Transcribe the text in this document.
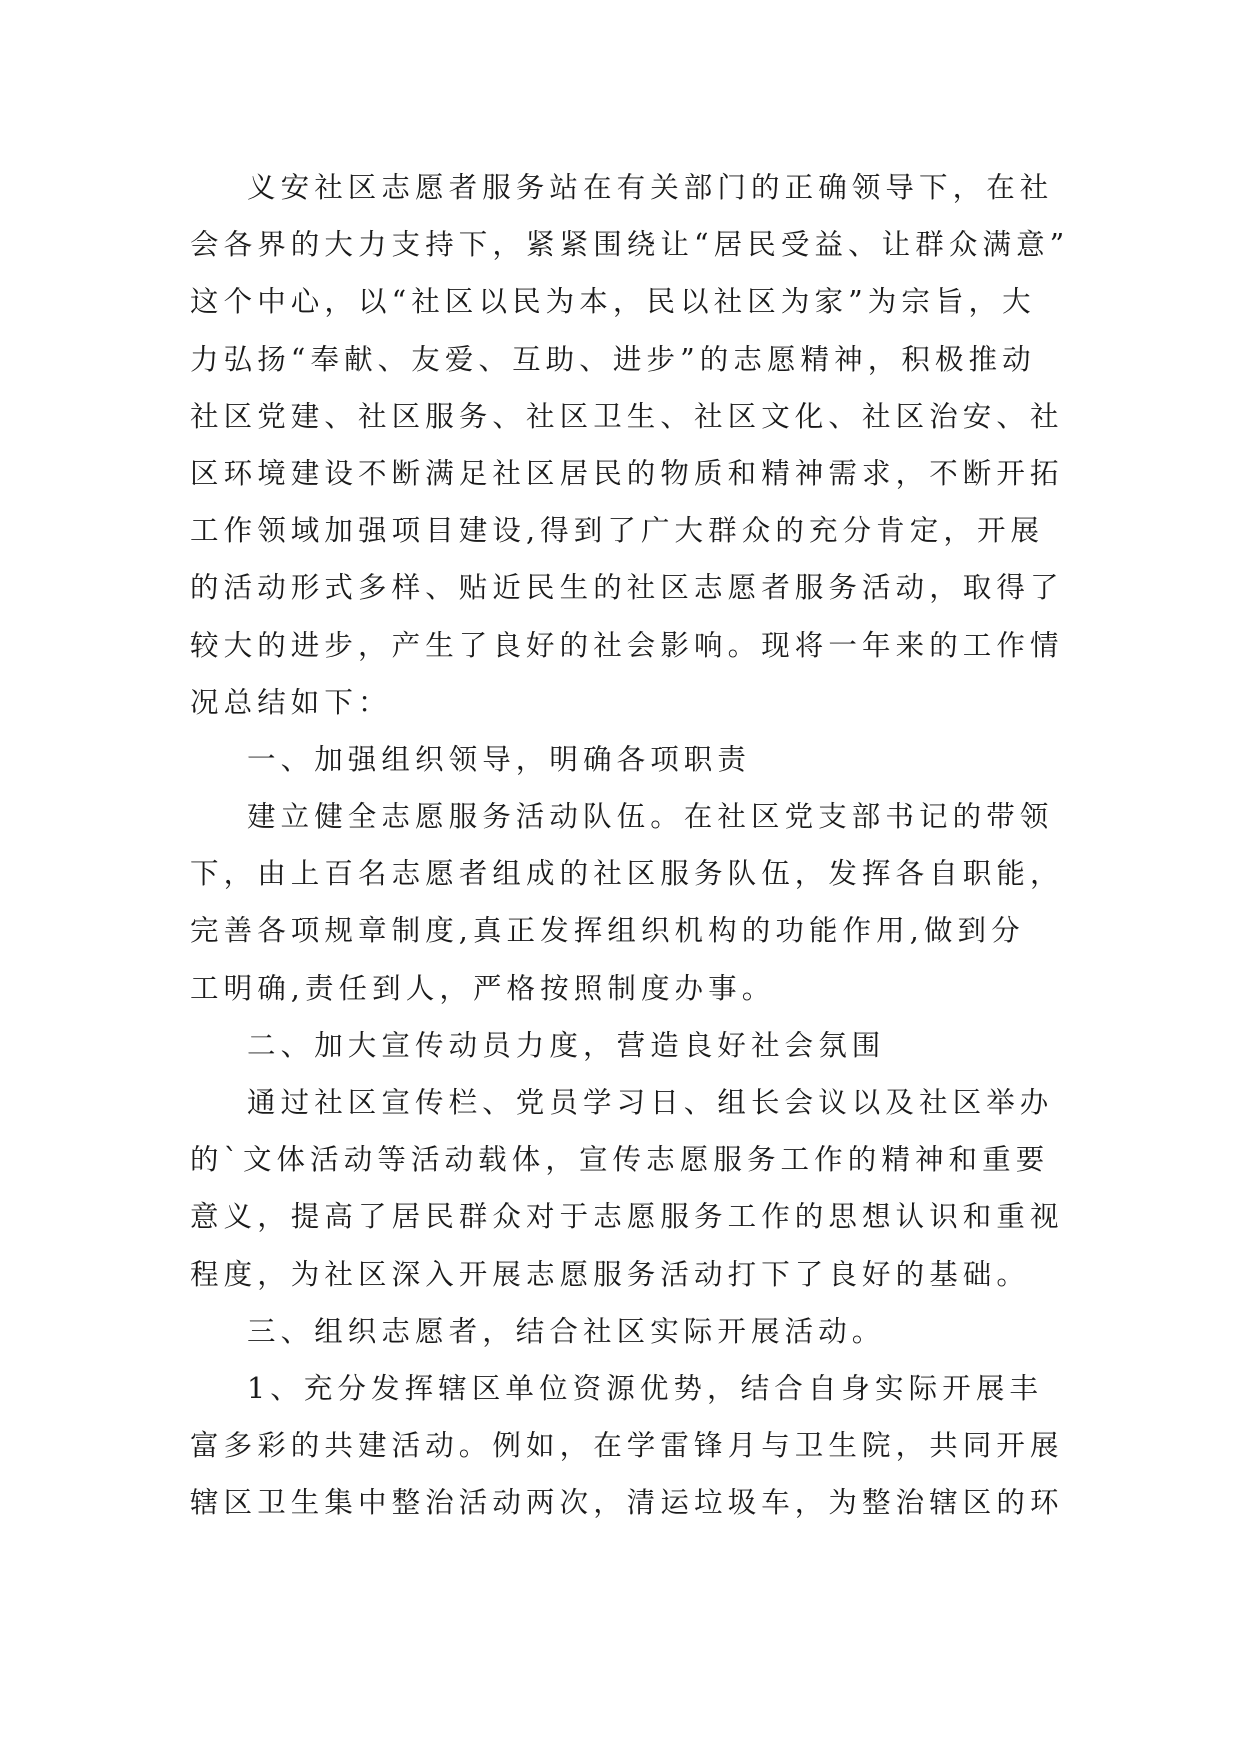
义安社区志愿者服务站在有关部门的正确领导下，在社
会各界的大力支持下，紧紧围绕让“居民受益、让群众满意”
这个中心，以“社区以民为本，民以社区为家”为宗旨，大
力弘扬“奉献、友爱、互助、进步”的志愿精神，积极推动
社区党建、社区服务、社区卫生、社区文化、社区治安、社
区环境建设不断满足社区居民的物质和精神需求，不断开拓
工作领域加强项目建设,得到了广大群众的充分肯定，开展
的活动形式多样、贴近民生的社区志愿者服务活动，取得了
较大的进步，产生了良好的社会影响。现将一年来的工作情
况总结如下：
一、加强组织领导，明确各项职责
建立健全志愿服务活动队伍。在社区党支部书记的带领
下，由上百名志愿者组成的社区服务队伍，发挥各自职能，
完善各项规章制度,真正发挥组织机构的功能作用,做到分
工明确,责任到人，严格按照制度办事。
二、加大宣传动员力度，营造良好社会氛围
通过社区宣传栏、党员学习日、组长会议以及社区举办
的`文体活动等活动载体，宣传志愿服务工作的精神和重要
意义，提高了居民群众对于志愿服务工作的思想认识和重视
程度，为社区深入开展志愿服务活动打下了良好的基础。
三、组织志愿者，结合社区实际开展活动。
1、充分发挥辖区单位资源优势，结合自身实际开展丰
富多彩的共建活动。例如，在学雷锋月与卫生院，共同开展
辖区卫生集中整治活动两次，清运垃圾车，为整治辖区的环
